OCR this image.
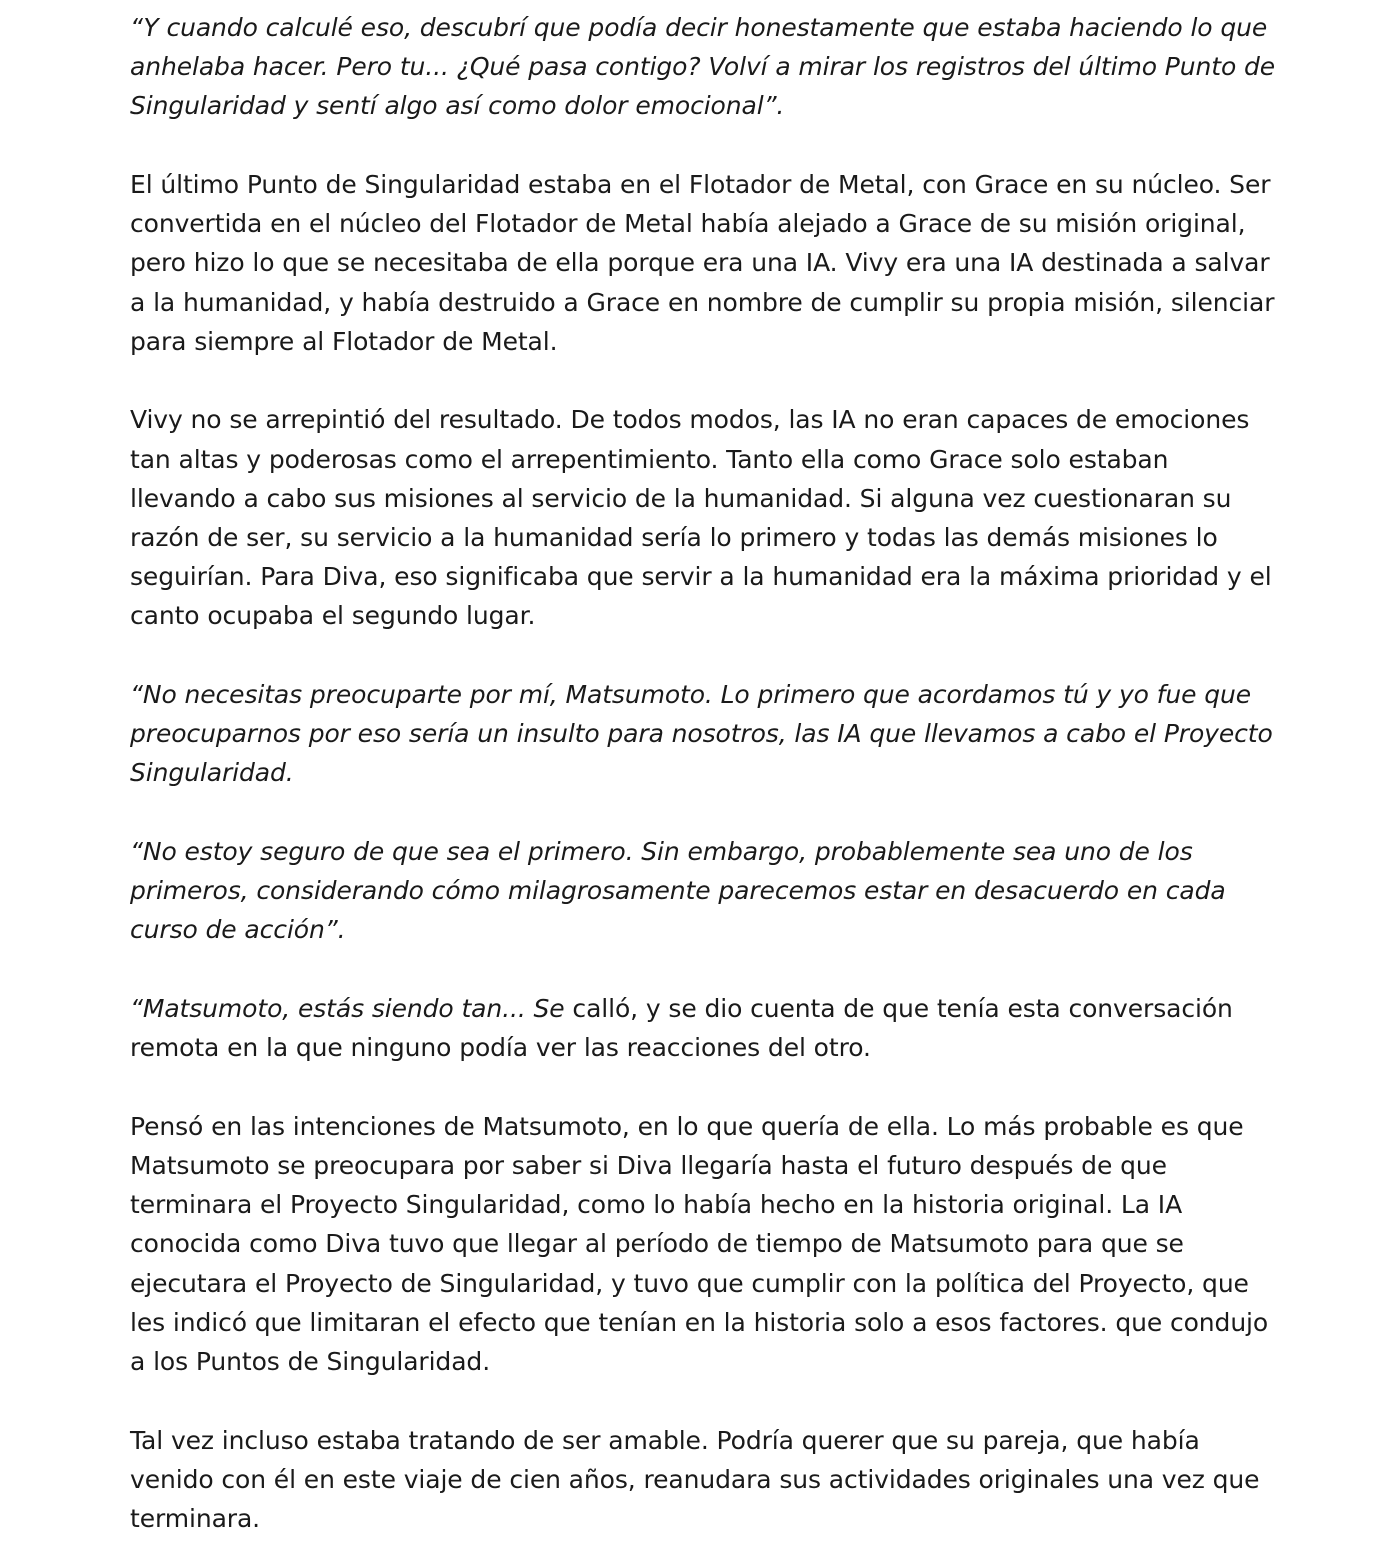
“Y cuando calculé eso, descubrí que podía decir honestamente que estaba haciendo lo que anhelaba hacer. Pero tu... ¿Qué pasa contigo? Volví a mirar los registros del último Punto de Singularidad y sentí algo así como dolor emocional”.

El último Punto de Singularidad estaba en el Flotador de Metal, con Grace en su núcleo. Ser convertida en el núcleo del Flotador de Metal había alejado a Grace de su misión original, pero hizo lo que se necesitaba de ella porque era una IA. Vivy era una IA destinada a salvar a la humanidad, y había destruido a Grace en nombre de cumplir su propia misión, silenciar para siempre al Flotador de Metal.

Vivy no se arrepintió del resultado. De todos modos, las IA no eran capaces de emociones tan altas y poderosas como el arrepentimiento. Tanto ella como Grace solo estaban llevando a cabo sus misiones al servicio de la humanidad. Si alguna vez cuestionaran su razón de ser, su servicio a la humanidad sería lo primero y todas las demás misiones lo seguirían. Para Diva, eso significaba que servir a la humanidad era la máxima prioridad y el canto ocupaba el segundo lugar.

“No necesitas preocuparte por mí, Matsumoto. Lo primero que acordamos tú y yo fue que preocuparnos por eso sería un insulto para nosotros, las IA que llevamos a cabo el Proyecto Singularidad.

“No estoy seguro de que sea el primero. Sin embargo, probablemente sea uno de los primeros, considerando cómo milagrosamente parecemos estar en desacuerdo en cada curso de acción”.

“Matsumoto, estás siendo tan... Se calló, y se dio cuenta de que tenía esta conversación remota en la que ninguno podía ver las reacciones del otro.

Pensó en las intenciones de Matsumoto, en lo que quería de ella. Lo más probable es que Matsumoto se preocupara por saber si Diva llegaría hasta el futuro después de que terminara el Proyecto Singularidad, como lo había hecho en la historia original. La IA conocida como Diva tuvo que llegar al período de tiempo de Matsumoto para que se ejecutara el Proyecto de Singularidad, y tuvo que cumplir con la política del Proyecto, que les indicó que limitaran el efecto que tenían en la historia solo a esos factores. que condujo a los Puntos de Singularidad.

Tal vez incluso estaba tratando de ser amable. Podría querer que su pareja, que había venido con él en este viaje de cien años, reanudara sus actividades originales una vez que terminara.
